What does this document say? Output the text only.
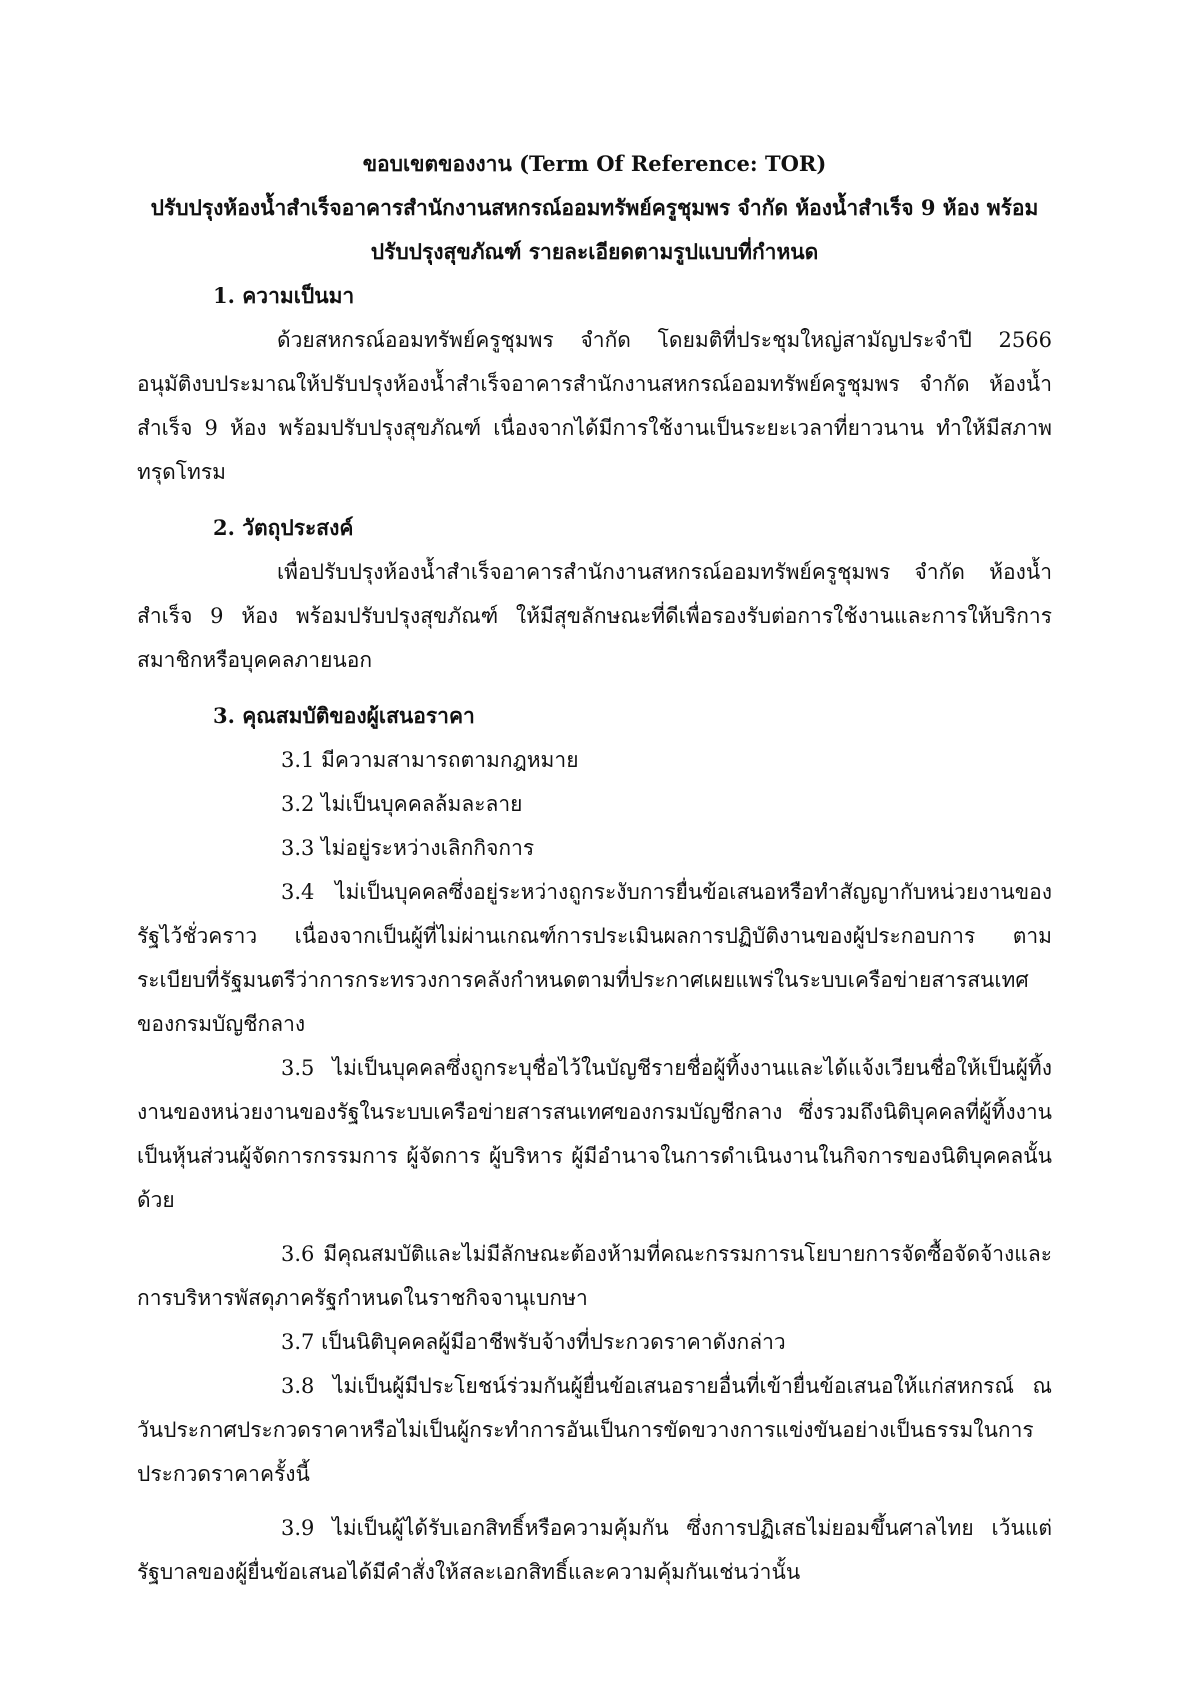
ขอบเขตของงาน (Term Of Reference: TOR)
ปรับปรุงห้องน้ำสำเร็จอาคารสำนักงานสหกรณ์ออมทรัพย์ครูชุมพร จำกัด ห้องน้ำสำเร็จ 9 ห้อง พร้อม
ปรับปรุงสุขภัณฑ์ รายละเอียดตามรูปแบบที่กำหนด
1. ความเป็นมา
ด้วยสหกรณ์ออมทรัพย์ครูชุมพร จำกัด โดยมติที่ประชุมใหญ่สามัญประจำปี 2566 อนุมัติงบประมาณให้ปรับปรุงห้องน้ำสำเร็จอาคารสำนักงานสหกรณ์ออมทรัพย์ครูชุมพร จำกัด ห้องน้ำสำเร็จ 9 ห้อง พร้อมปรับปรุงสุขภัณฑ์ เนื่องจากได้มีการใช้งานเป็นระยะเวลาที่ยาวนาน ทำให้มีสภาพทรุดโทรม
2. วัตถุประสงค์
เพื่อปรับปรุงห้องน้ำสำเร็จอาคารสำนักงานสหกรณ์ออมทรัพย์ครูชุมพร จำกัด ห้องน้ำสำเร็จ 9 ห้อง พร้อมปรับปรุงสุขภัณฑ์ ให้มีสุขลักษณะที่ดีเพื่อรองรับต่อการใช้งานและการให้บริการสมาชิกหรือบุคคลภายนอก
3. คุณสมบัติของผู้เสนอราคา
3.1 มีความสามารถตามกฎหมาย
3.2 ไม่เป็นบุคคลล้มละลาย
3.3 ไม่อยู่ระหว่างเลิกกิจการ
3.4 ไม่เป็นบุคคลซึ่งอยู่ระหว่างถูกระงับการยื่นข้อเสนอหรือทำสัญญากับหน่วยงานของรัฐไว้ชั่วคราว เนื่องจากเป็นผู้ที่ไม่ผ่านเกณฑ์การประเมินผลการปฏิบัติงานของผู้ประกอบการ ตามระเบียบที่รัฐมนตรีว่าการกระทรวงการคลังกำหนดตามที่ประกาศเผยแพร่ในระบบเครือข่ายสารสนเทศของกรมบัญชีกลาง
3.5 ไม่เป็นบุคคลซึ่งถูกระบุชื่อไว้ในบัญชีรายชื่อผู้ทิ้งงานและได้แจ้งเวียนชื่อให้เป็นผู้ทิ้งงานของหน่วยงานของรัฐในระบบเครือข่ายสารสนเทศของกรมบัญชีกลาง ซึ่งรวมถึงนิติบุคคลที่ผู้ทิ้งงานเป็นหุ้นส่วนผู้จัดการกรรมการ ผู้จัดการ ผู้บริหาร ผู้มีอำนาจในการดำเนินงานในกิจการของนิติบุคคลนั้นด้วย
3.6 มีคุณสมบัติและไม่มีลักษณะต้องห้ามที่คณะกรรมการนโยบายการจัดซื้อจัดจ้างและการบริหารพัสดุภาครัฐกำหนดในราชกิจจานุเบกษา
3.7 เป็นนิติบุคคลผู้มีอาชีพรับจ้างที่ประกวดราคาดังกล่าว
3.8 ไม่เป็นผู้มีประโยชน์ร่วมกันผู้ยื่นข้อเสนอรายอื่นที่เข้ายื่นข้อเสนอให้แก่สหกรณ์ ณ วันประกาศประกวดราคาหรือไม่เป็นผู้กระทำการอันเป็นการขัดขวางการแข่งขันอย่างเป็นธรรมในการประกวดราคาครั้งนี้
3.9 ไม่เป็นผู้ได้รับเอกสิทธิ์หรือความคุ้มกัน ซึ่งการปฏิเสธไม่ยอมขึ้นศาลไทย เว้นแต่รัฐบาลของผู้ยื่นข้อเสนอได้มีคำสั่งให้สละเอกสิทธิ์และความคุ้มกันเช่นว่านั้น
